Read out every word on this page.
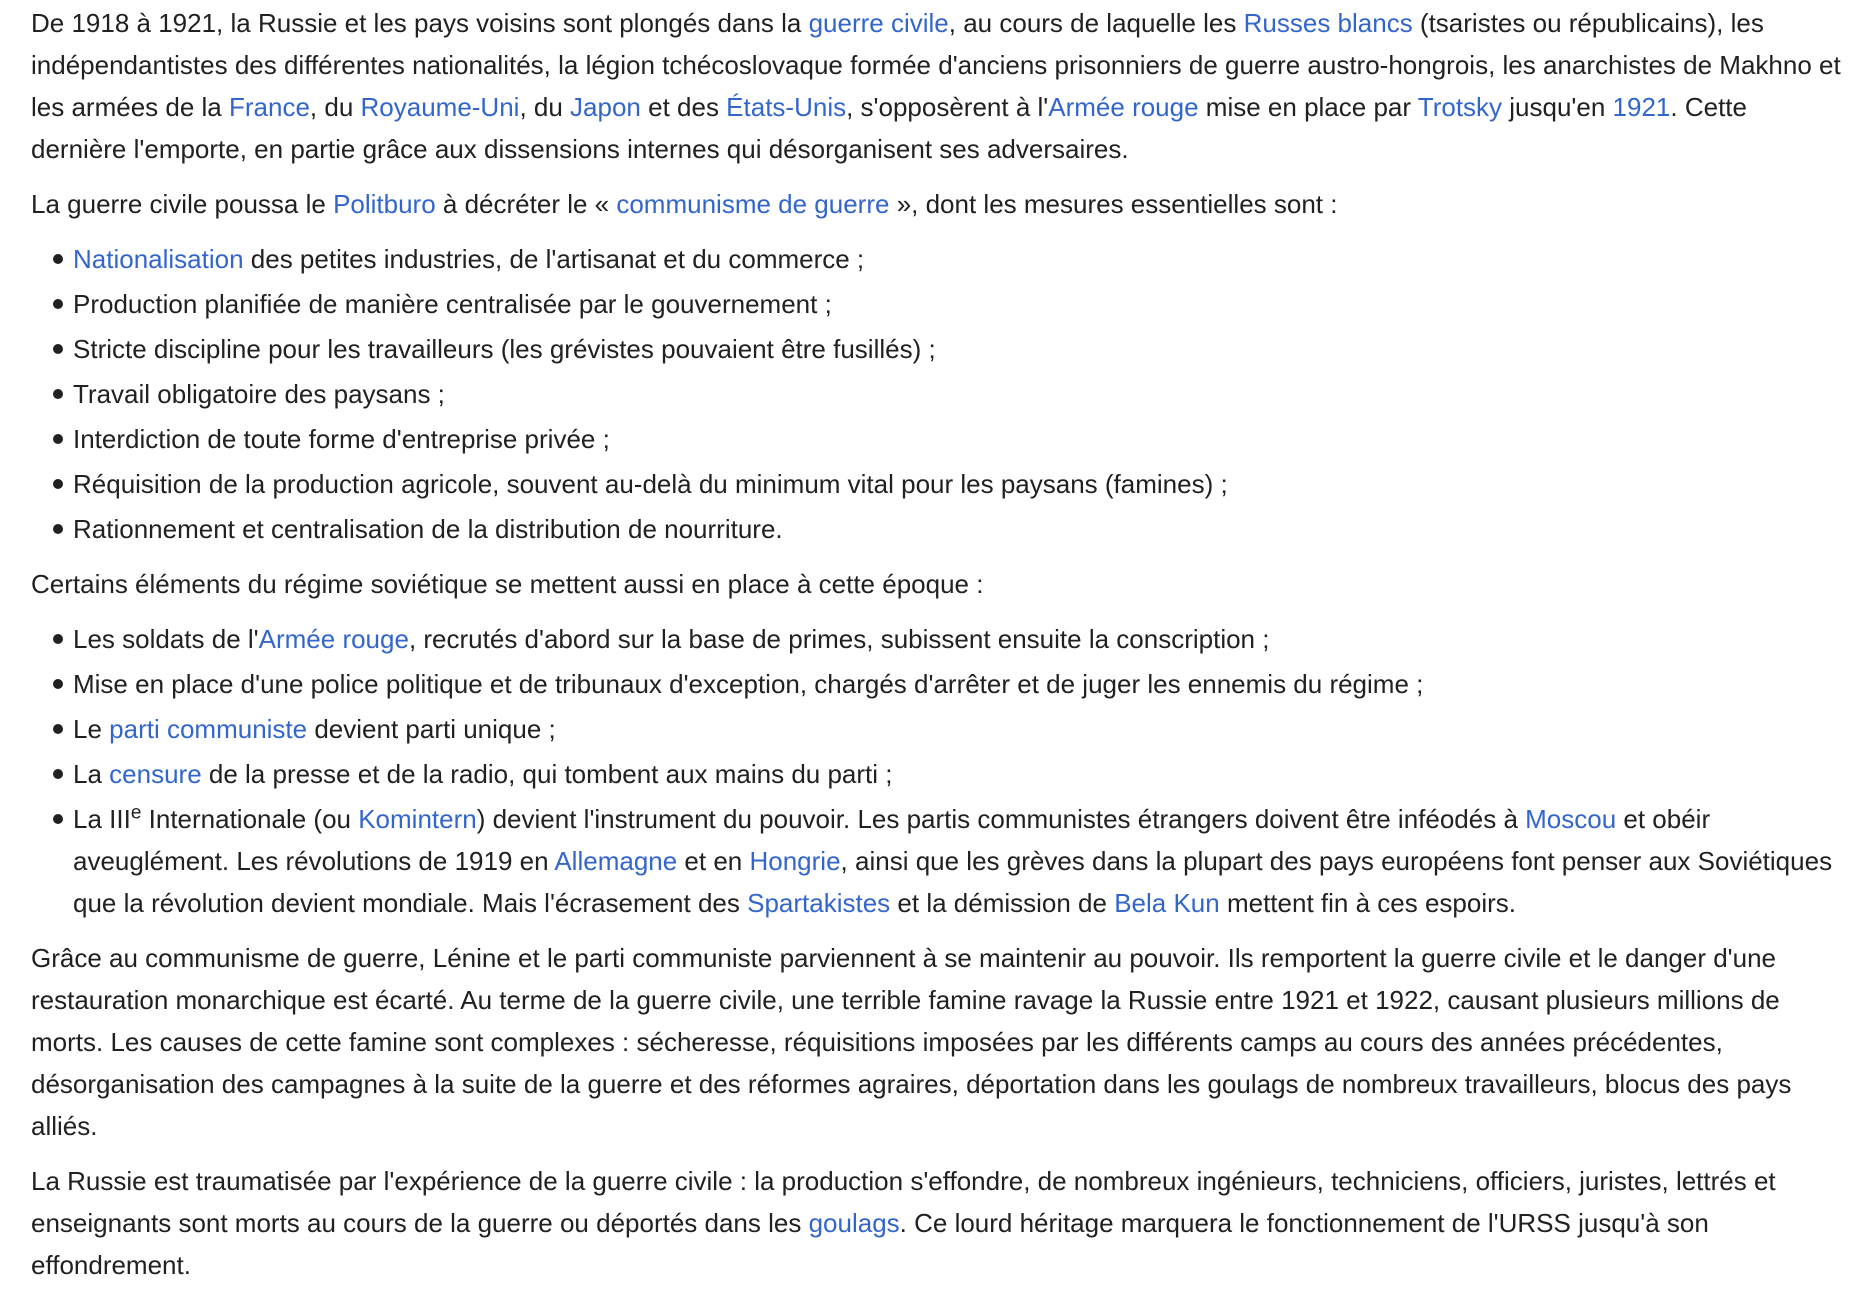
De 1918 à 1921, la Russie et les pays voisins sont plongés dans la guerre civile, au cours de laquelle les Russes blancs (tsaristes ou républicains), les indépendantistes des différentes nationalités, la légion tchécoslovaque formée d'anciens prisonniers de guerre austro-hongrois, les anarchistes de Makhno et les armées de la France, du Royaume-Uni, du Japon et des États-Unis, s'opposèrent à l'Armée rouge mise en place par Trotsky jusqu'en 1921. Cette dernière l'emporte, en partie grâce aux dissensions internes qui désorganisent ses adversaires.

La guerre civile poussa le Politburo à décréter le « communisme de guerre », dont les mesures essentielles sont :

Nationalisation des petites industries, de l'artisanat et du commerce ;
Production planifiée de manière centralisée par le gouvernement ;
Stricte discipline pour les travailleurs (les grévistes pouvaient être fusillés) ;
Travail obligatoire des paysans ;
Interdiction de toute forme d'entreprise privée ;
Réquisition de la production agricole, souvent au-delà du minimum vital pour les paysans (famines) ;
Rationnement et centralisation de la distribution de nourriture.

Certains éléments du régime soviétique se mettent aussi en place à cette époque :

Les soldats de l'Armée rouge, recrutés d'abord sur la base de primes, subissent ensuite la conscription ;
Mise en place d'une police politique et de tribunaux d'exception, chargés d'arrêter et de juger les ennemis du régime ;
Le parti communiste devient parti unique ;
La censure de la presse et de la radio, qui tombent aux mains du parti ;
La IIIe Internationale (ou Komintern) devient l'instrument du pouvoir. Les partis communistes étrangers doivent être inféodés à Moscou et obéir aveuglément. Les révolutions de 1919 en Allemagne et en Hongrie, ainsi que les grèves dans la plupart des pays européens font penser aux Soviétiques que la révolution devient mondiale. Mais l'écrasement des Spartakistes et la démission de Bela Kun mettent fin à ces espoirs.

Grâce au communisme de guerre, Lénine et le parti communiste parviennent à se maintenir au pouvoir. Ils remportent la guerre civile et le danger d'une restauration monarchique est écarté. Au terme de la guerre civile, une terrible famine ravage la Russie entre 1921 et 1922, causant plusieurs millions de morts. Les causes de cette famine sont complexes : sécheresse, réquisitions imposées par les différents camps au cours des années précédentes, désorganisation des campagnes à la suite de la guerre et des réformes agraires, déportation dans les goulags de nombreux travailleurs, blocus des pays alliés.

La Russie est traumatisée par l'expérience de la guerre civile : la production s'effondre, de nombreux ingénieurs, techniciens, officiers, juristes, lettrés et enseignants sont morts au cours de la guerre ou déportés dans les goulags. Ce lourd héritage marquera le fonctionnement de l'URSS jusqu'à son effondrement.
